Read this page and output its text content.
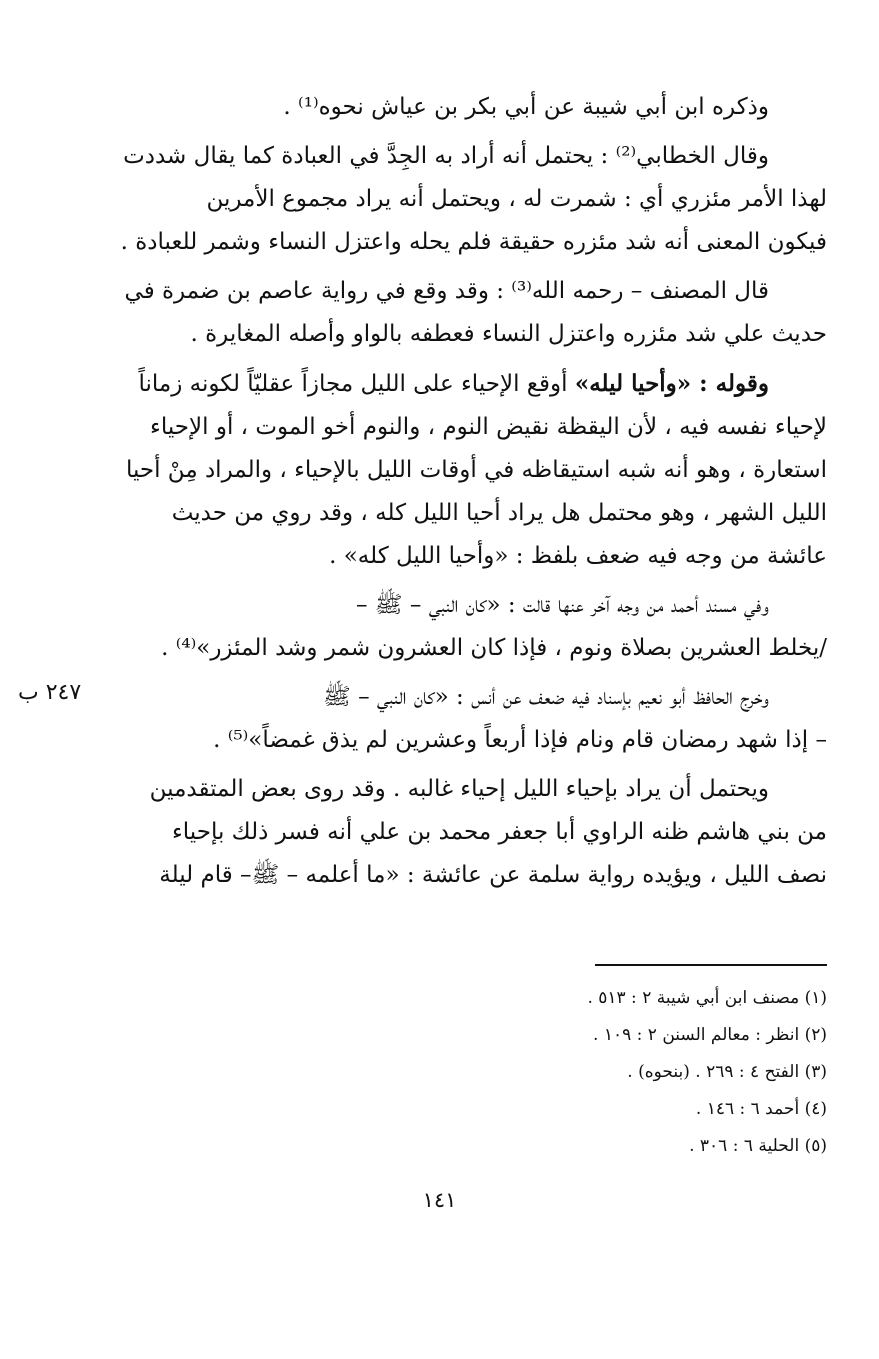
وذكره ابن أبي شيبة عن أبي بكر بن عياش نحوه⁽¹⁾ .

وقال الخطابي⁽²⁾ : يحتمل أنه أراد به الجِدَّ في العبادة كما يقال شددت
لهذا الأمر مئزري أي : شمرت له ، ويحتمل أنه يراد مجموع الأمرين
فيكون المعنى أنه شد مئزره حقيقة فلم يحله واعتزل النساء وشمر للعبادة .

قال المصنف – رحمه الله⁽³⁾ : وقد وقع في رواية عاصم بن ضمرة في
حديث علي شد مئزره واعتزل النساء فعطفه بالواو وأصله المغايرة .

وقوله : «وأحيا ليله» أوقع الإحياء على الليل مجازاً عقليّاً لكونه زماناً
لإحياء نفسه فيه ، لأن اليقظة نقيض النوم ، والنوم أخو الموت ، أو الإحياء
استعارة ، وهو أنه شبه استيقاظه في أوقات الليل بالإحياء ، والمراد مِنْ أحيا
الليل الشهر ، وهو محتمل هل يراد أحيا الليل كله ، وقد روي من حديث
عائشة من وجه فيه ضعف بلفظ : «وأحيا الليل كله» .

وفي مسند أحمد من وجه آخر عنها قالت : «كان النبي – ﷺ –
/يخلط العشرين بصلاة ونوم ، فإذا كان العشرون شمر وشد المئزر»⁽⁴⁾ .

وخرج الحافظ أبو نعيم بإسناد فيه ضعف عن أنس : «كان النبي – ﷺ
– إذا شهد رمضان قام ونام فإذا أربعاً وعشرين لم يذق غمضاً»⁽⁵⁾ .

ويحتمل أن يراد بإحياء الليل إحياء غالبه . وقد روى بعض المتقدمين
من بني هاشم ظنه الراوي أبا جعفر محمد بن علي أنه فسر ذلك بإحياء
نصف الليل ، ويؤيده رواية سلمة عن عائشة : «ما أعلمه – ﷺ– قام ليلة

٢٤٧ ب
(١) مصنف ابن أبي شيبة ٢ : ٥١٣ .
(٢) انظر : معالم السنن ٢ : ١٠٩ .
(٣) الفتح ٤ : ٢٦٩ . (بنحوه) .
(٤) أحمد ٦ : ١٤٦ .
(٥) الحلية ٦ : ٣٠٦ .
١٤١
